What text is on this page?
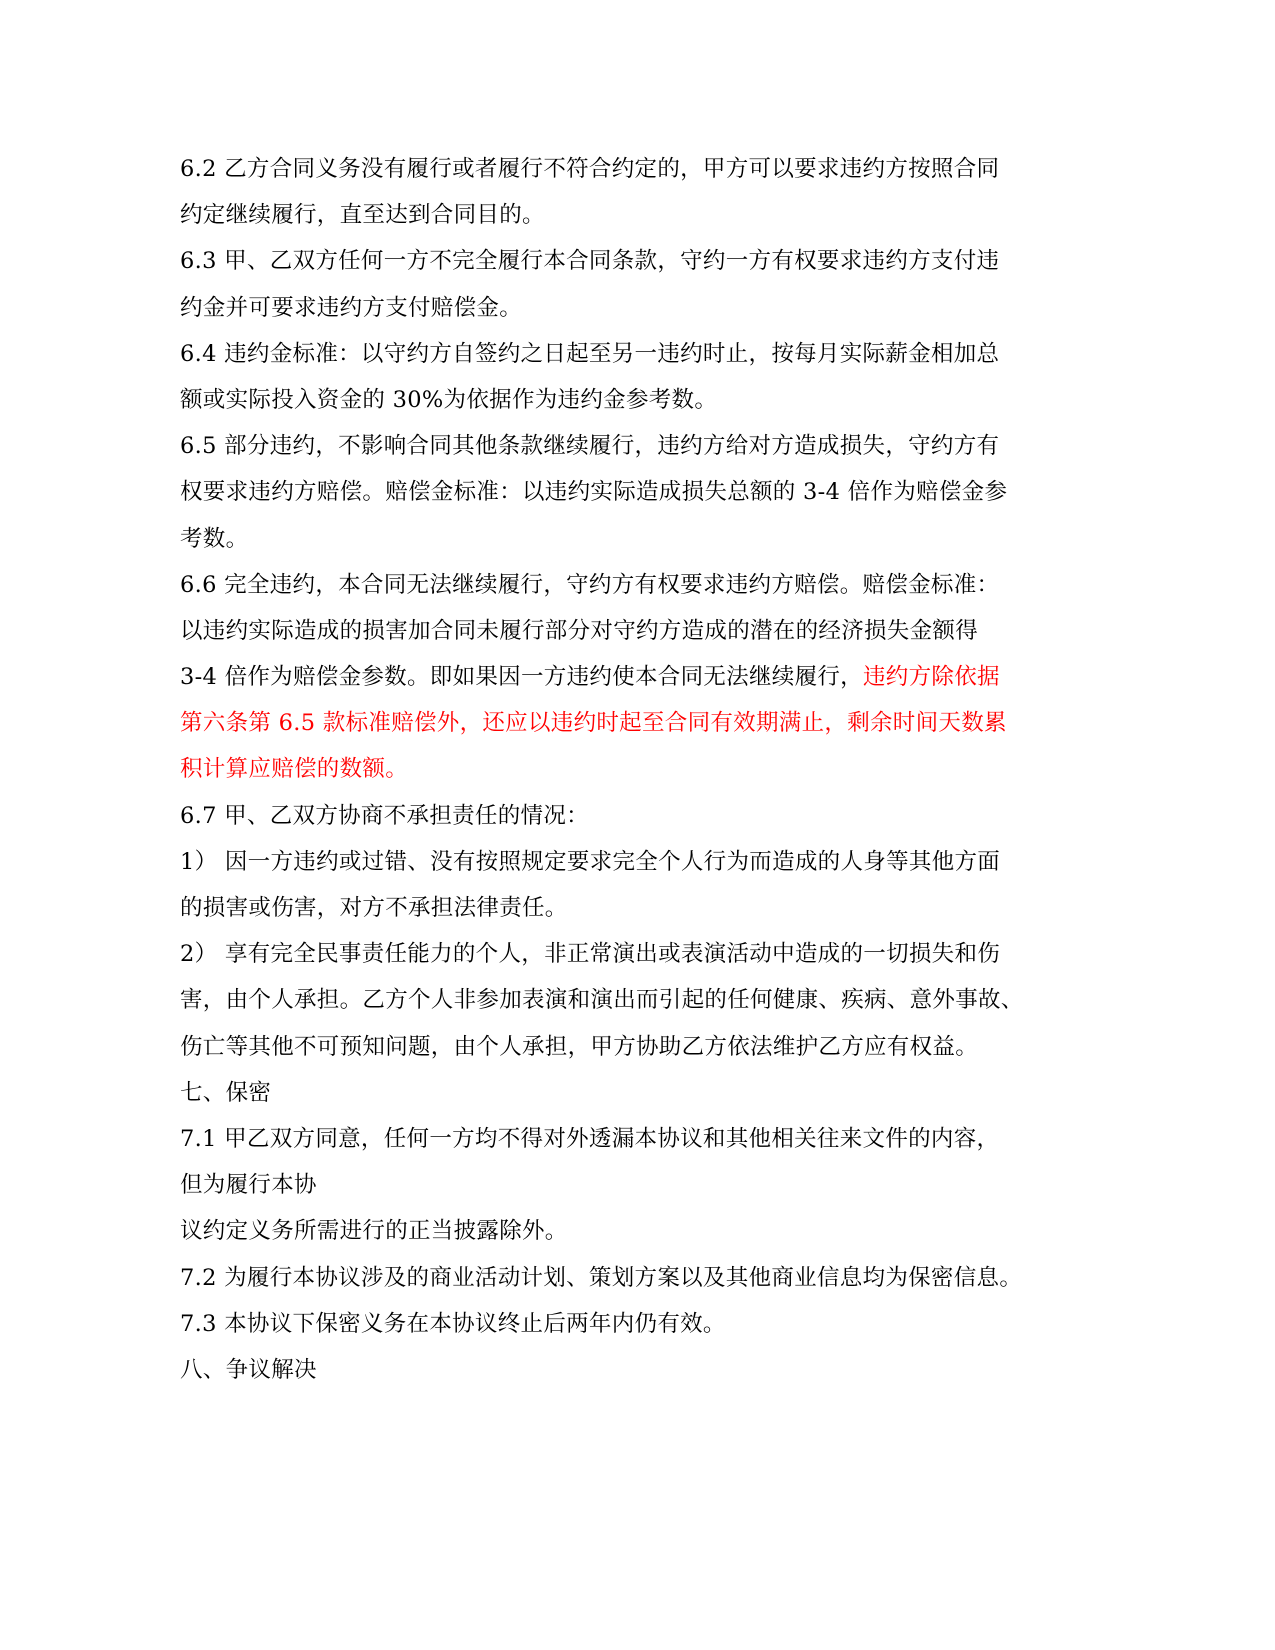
6.2 乙方合同义务没有履行或者履行不符合约定的，甲方可以要求违约方按照合同
约定继续履行，直至达到合同目的。
6.3 甲、乙双方任何一方不完全履行本合同条款，守约一方有权要求违约方支付违
约金并可要求违约方支付赔偿金。
6.4 违约金标准：以守约方自签约之日起至另一违约时止，按每月实际薪金相加总
额或实际投入资金的 30%为依据作为违约金参考数。
6.5 部分违约，不影响合同其他条款继续履行，违约方给对方造成损失，守约方有
权要求违约方赔偿。赔偿金标准：以违约实际造成损失总额的 3-4 倍作为赔偿金参
考数。
6.6 完全违约，本合同无法继续履行，守约方有权要求违约方赔偿。赔偿金标准：
以违约实际造成的损害加合同未履行部分对守约方造成的潜在的经济损失金额得
3-4 倍作为赔偿金参数。即如果因一方违约使本合同无法继续履行，违约方除依据
第六条第 6.5 款标准赔偿外，还应以违约时起至合同有效期满止，剩余时间天数累
积计算应赔偿的数额。
6.7 甲、乙双方协商不承担责任的情况：
1） 因一方违约或过错、没有按照规定要求完全个人行为而造成的人身等其他方面
的损害或伤害，对方不承担法律责任。
2） 享有完全民事责任能力的个人，非正常演出或表演活动中造成的一切损失和伤
害，由个人承担。乙方个人非参加表演和演出而引起的任何健康、疾病、意外事故、
伤亡等其他不可预知问题，由个人承担，甲方协助乙方依法维护乙方应有权益。
七、保密
7.1 甲乙双方同意，任何一方均不得对外透漏本协议和其他相关往来文件的内容，
但为履行本协
议约定义务所需进行的正当披露除外。
7.2 为履行本协议涉及的商业活动计划、策划方案以及其他商业信息均为保密信息。
7.3 本协议下保密义务在本协议终止后两年内仍有效。
八、争议解决
